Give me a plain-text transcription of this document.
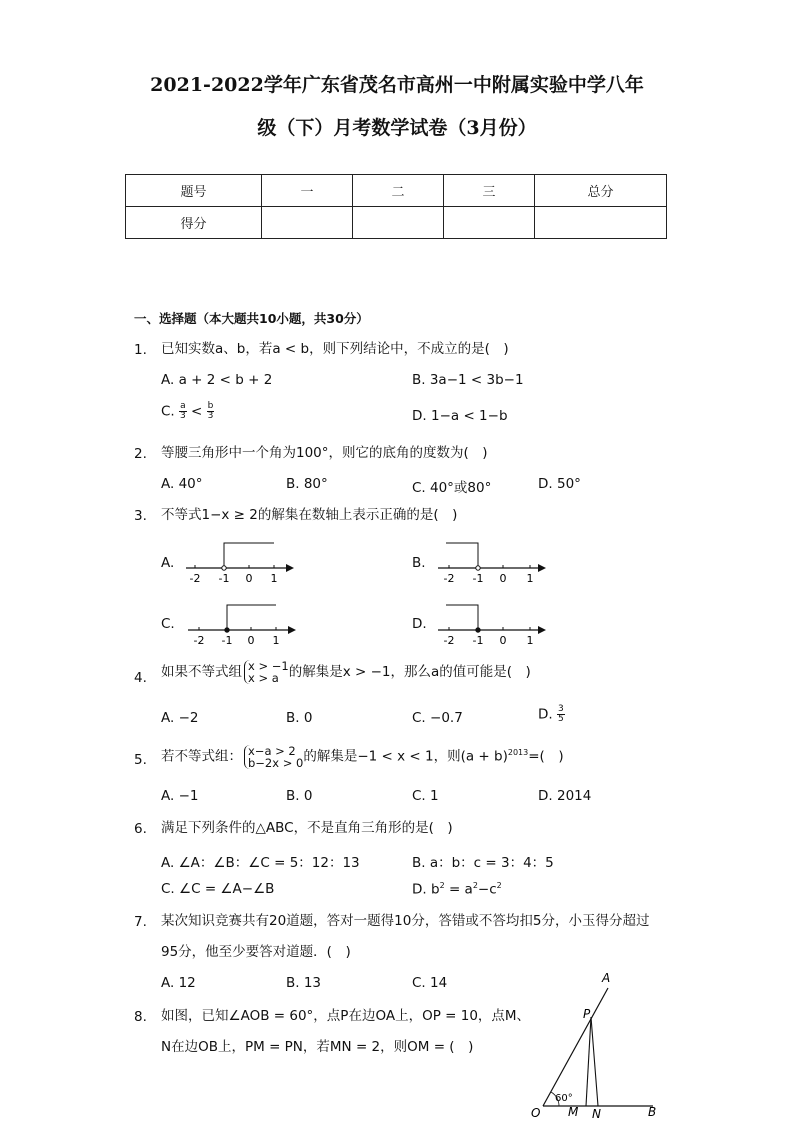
2021-2022学年广东省茂名市高州一中附属实验中学八年
级（下）月考数学试卷（3月份）
题号	一	二	三	总分
得分				
一、选择题（本大题共10小题，共30分）
1. 已知实数a、b，若a < b，则下列结论中，不成立的是(　)
A. a + 2 < b + 2	B. 3a−1 < 3b−1
C. $\frac{a}{3} < \frac{b}{3}$	D. 1−a < 1−b
2. 等腰三角形中一个角为100°，则它的底角的度数为(　)
A. 40°	B. 80°	C. 40°或80°	D. 50°
3. 不等式1−x ≥ 2的解集在数轴上表示正确的是(　)
A.
-2 -1 0 1
B.
-2 -1 0 1
C.
-2 -1 0 1
D.
-2 -1 0 1
4. 如果不等式组 x > −1
x > a 的解集是x > −1，那么a的值可能是(　)
A. −2	B. 0	C. −0.7	D. $\frac{3}{5}$
5. 若不等式组： x−a > 2
b−2x > 0 的解集是−1 < x < 1，则$(a + b)^{2013}=$(　)
A. −1	B. 0	C. 1	D. 2014
6. 满足下列条件的△ABC，不是直角三角形的是(　)
A. ∠A：∠B：∠C = 5：12：13	B. a：b：c = 3：4：5
C. ∠C = ∠A−∠B	D. $b^2 = a^2-c^2$
7. 某次知识竞赛共有20道题，答对一题得10分，答错或不答均扣5分，小玉得分超过
95分，他至少要答对道题．(　)
A. 12	B. 13	C. 14
8. 如图，已知∠AOB = 60°，点P在边OA上，OP = 10，点M、
N在边OB上，PM = PN，若MN = 2，则OM = (　)
A
P
O M N	B
60°
